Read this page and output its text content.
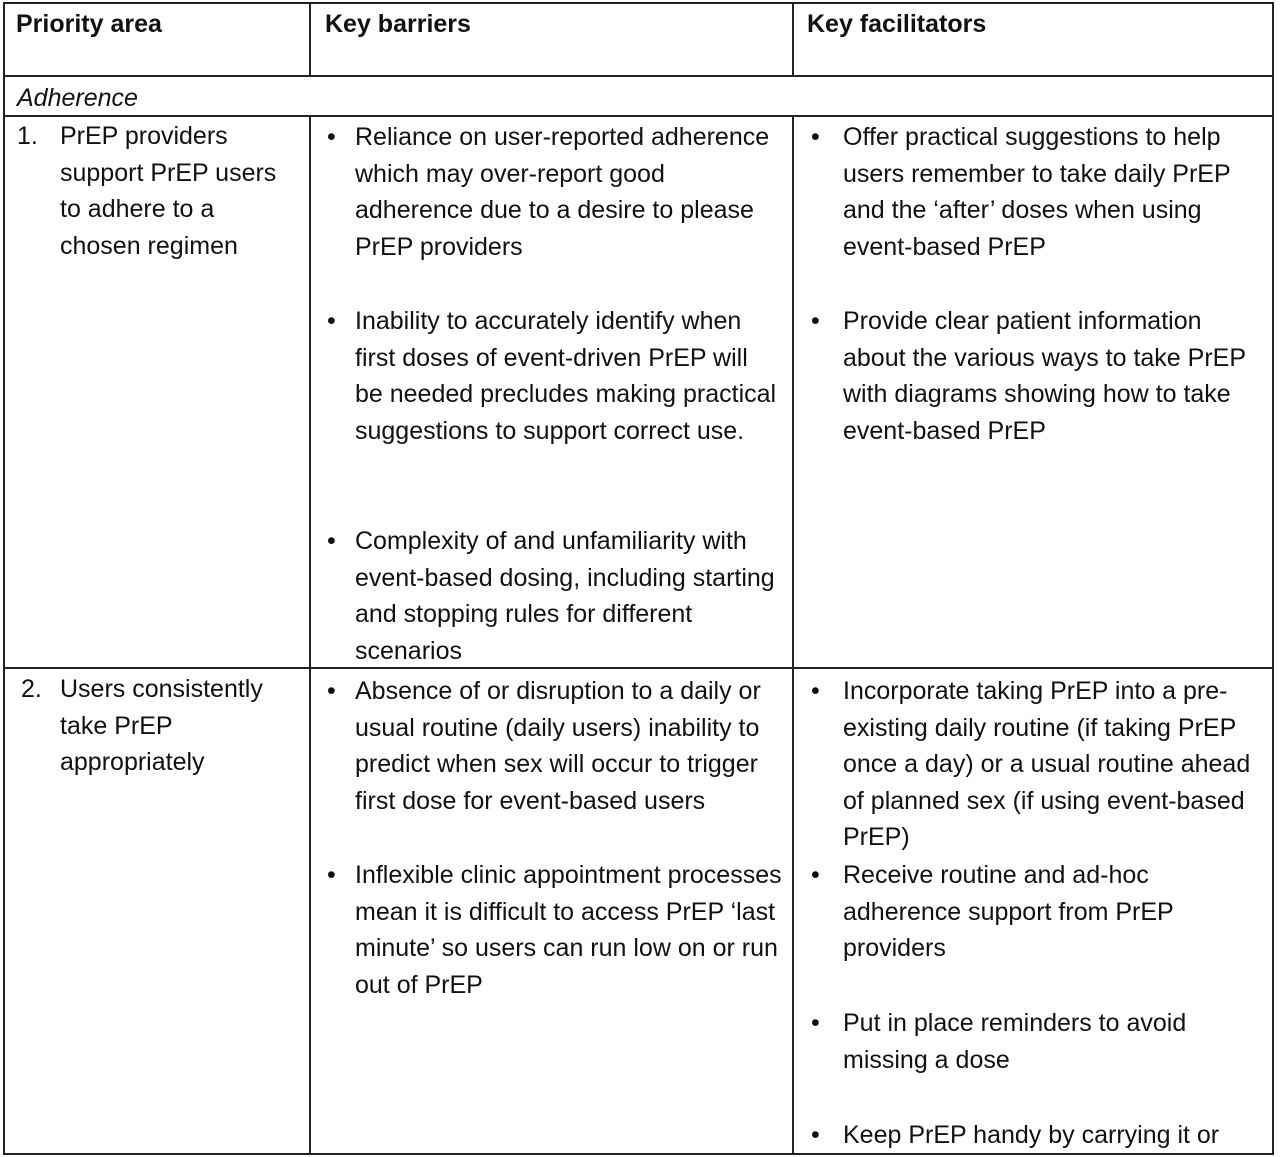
Priority area	Key barriers	Key facilitators
Adherence
1. PrEP providers support PrEP users to adhere to a chosen regimen
• Reliance on user-reported adherence which may over-report good adherence due to a desire to please PrEP providers
• Inability to accurately identify when first doses of event-driven PrEP will be needed precludes making practical suggestions to support correct use.
• Complexity of and unfamiliarity with event-based dosing, including starting and stopping rules for different scenarios
• Offer practical suggestions to help users remember to take daily PrEP and the ‘after’ doses when using event-based PrEP
• Provide clear patient information about the various ways to take PrEP with diagrams showing how to take event-based PrEP
2. Users consistently take PrEP appropriately
• Absence of or disruption to a daily or usual routine (daily users) inability to predict when sex will occur to trigger first dose for event-based users
• Inflexible clinic appointment processes mean it is difficult to access PrEP ‘last minute’ so users can run low on or run out of PrEP
• Incorporate taking PrEP into a pre-existing daily routine (if taking PrEP once a day) or a usual routine ahead of planned sex (if using event-based PrEP)
• Receive routine and ad-hoc adherence support from PrEP providers
• Put in place reminders to avoid missing a dose
• Keep PrEP handy by carrying it or
